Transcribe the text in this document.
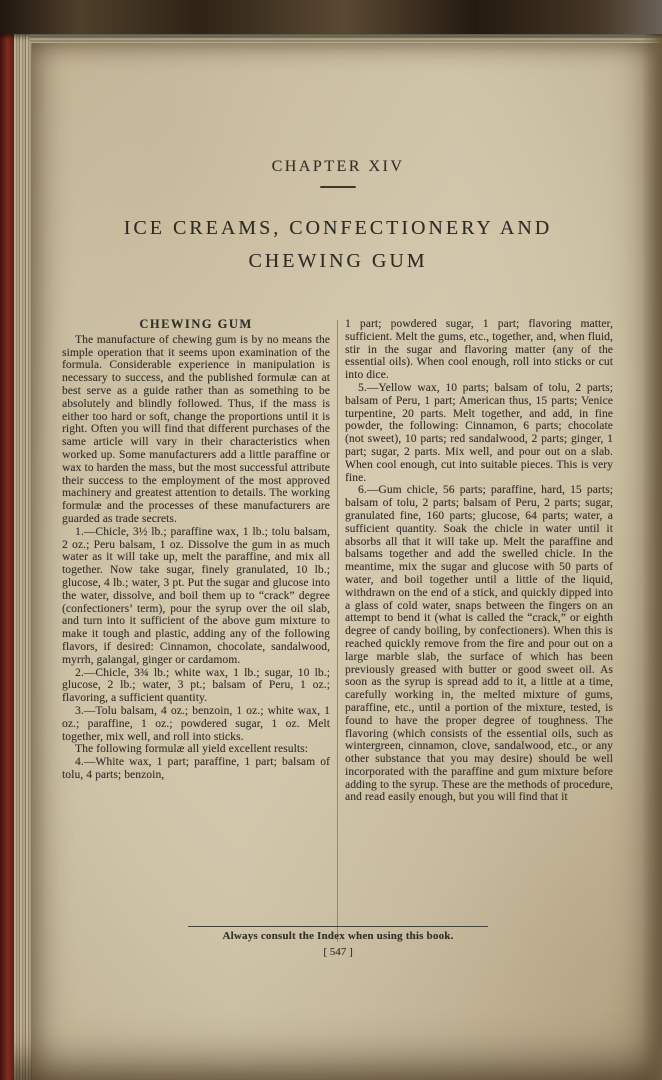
CHAPTER XIV
ICE CREAMS, CONFECTIONERY AND
CHEWING GUM
CHEWING GUM

The manufacture of chewing gum is by no means the simple operation that it seems upon examination of the formula. Considerable experience in manipulation is necessary to success, and the published formulæ can at best serve as a guide rather than as something to be absolutely and blindly followed. Thus, if the mass is either too hard or soft, change the proportions until it is right. Often you will find that different purchases of the same article will vary in their characteristics when worked up. Some manufacturers add a little paraffine or wax to harden the mass, but the most successful attribute their success to the employment of the most approved machinery and greatest attention to details. The working formulæ and the processes of these manufacturers are guarded as trade secrets.

1.—Chicle, 3½ lb.; paraffine wax, 1 lb.; tolu balsam, 2 oz.; Peru balsam, 1 oz. Dissolve the gum in as much water as it will take up, melt the paraffine, and mix all together. Now take sugar, finely granulated, 10 lb.; glucose, 4 lb.; water, 3 pt. Put the sugar and glucose into the water, dissolve, and boil them up to “crack” degree (confectioners’ term), pour the syrup over the oil slab, and turn into it sufficient of the above gum mixture to make it tough and plastic, adding any of the following flavors, if desired: Cinnamon, chocolate, sandalwood, myrrh, galangal, ginger or cardamom.

2.—Chicle, 3¾ lb.; white wax, 1 lb.; sugar, 10 lb.; glucose, 2 lb.; water, 3 pt.; balsam of Peru, 1 oz.; flavoring, a sufficient quantity.

3.—Tolu balsam, 4 oz.; benzoin, 1 oz.; white wax, 1 oz.; paraffine, 1 oz.; powdered sugar, 1 oz. Melt together, mix well, and roll into sticks.

The following formulæ all yield excellent results:

4.—White wax, 1 part; paraffine, 1 part; balsam of tolu, 4 parts; benzoin,

1 part; powdered sugar, 1 part; flavoring matter, sufficient. Melt the gums, etc., together, and, when fluid, stir in the sugar and flavoring matter (any of the essential oils). When cool enough, roll into sticks or cut into dice.

5.—Yellow wax, 10 parts; balsam of tolu, 2 parts; balsam of Peru, 1 part; American thus, 15 parts; Venice turpentine, 20 parts. Melt together, and add, in fine powder, the following: Cinnamon, 6 parts; chocolate (not sweet), 10 parts; red sandalwood, 2 parts; ginger, 1 part; sugar, 2 parts. Mix well, and pour out on a slab. When cool enough, cut into suitable pieces. This is very fine.

6.—Gum chicle, 56 parts; paraffine, hard, 15 parts; balsam of tolu, 2 parts; balsam of Peru, 2 parts; sugar, granulated fine, 160 parts; glucose, 64 parts; water, a sufficient quantity. Soak the chicle in water until it absorbs all that it will take up. Melt the paraffine and balsams together and add the swelled chicle. In the meantime, mix the sugar and glucose with 50 parts of water, and boil together until a little of the liquid, withdrawn on the end of a stick, and quickly dipped into a glass of cold water, snaps between the fingers on an attempt to bend it (what is called the “crack,” or eighth degree of candy boiling, by confectioners). When this is reached quickly remove from the fire and pour out on a large marble slab, the surface of which has been previously greased with butter or good sweet oil. As soon as the syrup is spread add to it, a little at a time, carefully working in, the melted mixture of gums, paraffine, etc., until a portion of the mixture, tested, is found to have the proper degree of toughness. The flavoring (which consists of the essential oils, such as wintergreen, cinnamon, clove, sandalwood, etc., or any other substance that you may desire) should be well incorporated with the paraffine and gum mixture before adding to the syrup. These are the methods of procedure, and read easily enough, but you will find that it

Always consult the Index when using this book.
[ 547 ]
